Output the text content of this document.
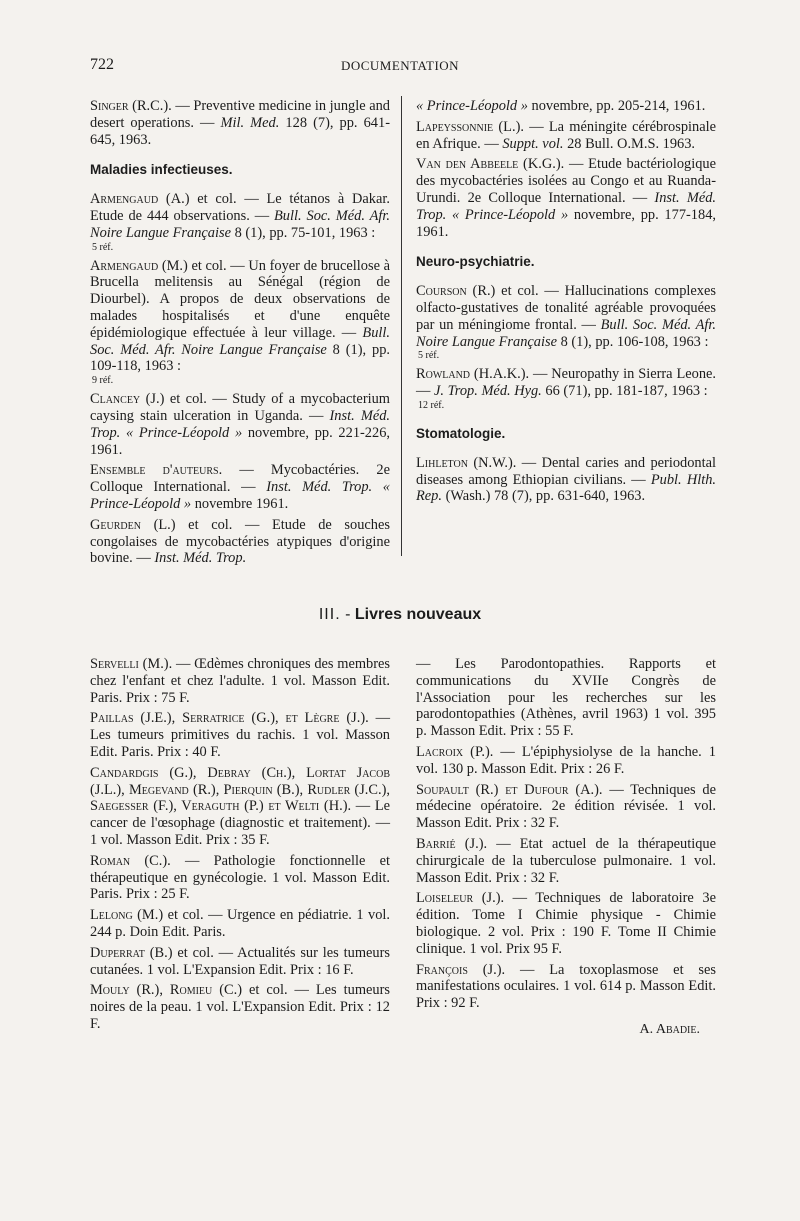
722	DOCUMENTATION
Singer (R.C.). — Preventive medicine in jungle and desert operations. — Mil. Med. 128 (7), pp. 641-645, 1963.
Maladies infectieuses.
Armengaud (A.) et col. — Le tétanos à Dakar. Etude de 444 observations. — Bull. Soc. Méd. Afr. Noire Langue Française 8 (1), pp. 75-101, 1963 :
5 réf.
Armengaud (M.) et col. — Un foyer de brucellose à Brucella melitensis au Sénégal (région de Diourbel). A propos de deux observations de malades hospitalisés et d'une enquête épidémiologique effectuée à leur village. — Bull. Soc. Méd. Afr. Noire Langue Française 8 (1), pp. 109-118, 1963 :
9 réf.
Clancey (J.) et col. — Study of a mycobacterium caysing stain ulceration in Uganda. — Inst. Méd. Trop. « Prince-Léopold » novembre, pp. 221-226, 1961.
Ensemble d'auteurs. — Mycobactéries. 2e Colloque International. — Inst. Méd. Trop. « Prince-Léopold » novembre 1961.
Geurden (L.) et col. — Etude de souches congolaises de mycobactéries atypiques d'origine bovine. — Inst. Méd. Trop.
« Prince-Léopold » novembre, pp. 205-214, 1961.
Lapeyssonnie (L.). — La méningite cérébrospinale en Afrique. — Suppt. vol. 28 Bull. O.M.S. 1963.
Van den Abbeele (K.G.). — Etude bactériologique des mycobactéries isolées au Congo et au Ruanda-Urundi. 2e Colloque International. — Inst. Méd. Trop. « Prince-Léopold » novembre, pp. 177-184, 1961.
Neuro-psychiatrie.
Courson (R.) et col. — Hallucinations complexes olfacto-gustatives de tonalité agréable provoquées par un méningiome frontal. — Bull. Soc. Méd. Afr. Noire Langue Française 8 (1), pp. 106-108, 1963 :
5 réf.
Rowland (H.A.K.). — Neuropathy in Sierra Leone. — J. Trop. Méd. Hyg. 66 (71), pp. 181-187, 1963 :
12 réf.
Stomatologie.
Lihleton (N.W.). — Dental caries and periodontal diseases among Ethiopian civilians. — Publ. Hlth. Rep. (Wash.) 78 (7), pp. 631-640, 1963.
III. - Livres nouveaux
Servelli (M.). — Œdèmes chroniques des membres chez l'enfant et chez l'adulte. 1 vol. Masson Edit. Paris. Prix : 75 F.
Paillas (J.E.), Serratrice (G.), et Lègre (J.). — Les tumeurs primitives du rachis. 1 vol. Masson Edit. Paris. Prix : 40 F.
Candardgis (G.), Debray (Ch.), Lortat Jacob (J.L.), Megevand (R.), Pierquin (B.), Rudler (J.C.), Saegesser (F.), Veraguth (P.) et Welti (H.). — Le cancer de l'œsophage (diagnostic et traitement). — 1 vol. Masson Edit. Prix : 35 F.
Roman (C.). — Pathologie fonctionnelle et thérapeutique en gynécologie. 1 vol. Masson Edit. Paris. Prix : 25 F.
Lelong (M.) et col. — Urgence en pédiatrie. 1 vol. 244 p. Doin Edit. Paris.
Duperrat (B.) et col. — Actualités sur les tumeurs cutanées. 1 vol. L'Expansion Edit. Prix : 16 F.
Mouly (R.), Romieu (C.) et col. — Les tumeurs noires de la peau. 1 vol. L'Expansion Edit. Prix : 12 F.
— Les Parodontopathies. Rapports et communications du XVIIe Congrès de l'Association pour les recherches sur les parodontopathies (Athènes, avril 1963) 1 vol. 395 p. Masson Edit. Prix : 55 F.
Lacroix (P.). — L'épiphysiolyse de la hanche. 1 vol. 130 p. Masson Edit. Prix : 26 F.
Soupault (R.) et Dufour (A.). — Techniques de médecine opératoire. 2e édition révisée. 1 vol. Masson Edit. Prix : 32 F.
Barrié (J.). — Etat actuel de la thérapeutique chirurgicale de la tuberculose pulmonaire. 1 vol. Masson Edit. Prix : 32 F.
Loiseleur (J.). — Techniques de laboratoire 3e édition. Tome I Chimie physique - Chimie biologique. 2 vol. Prix : 190 F. Tome II Chimie clinique. 1 vol. Prix 95 F.
François (J.). — La toxoplasmose et ses manifestations oculaires. 1 vol. 614 p. Masson Edit. Prix : 92 F.
A. Abadie.
